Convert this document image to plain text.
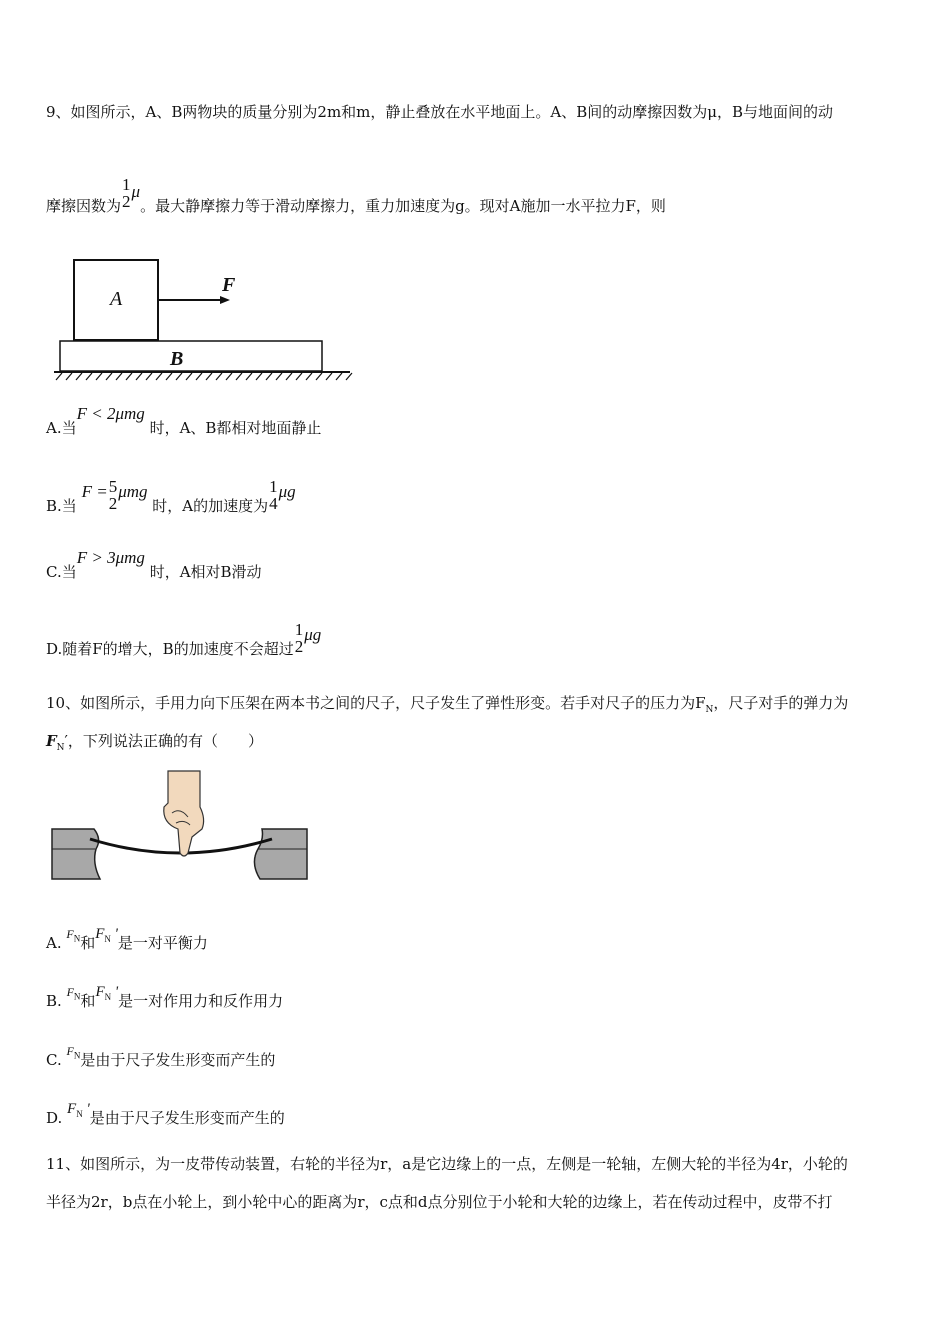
9、如图所示，A、B两物块的质量分别为2m和m，静止叠放在水平地面上。A、B间的动摩擦因数为μ，B与地面间的动
摩擦因数为
1
2
μ。最大静摩擦力等于滑动摩擦力，重力加速度为g。现对A施加一水平拉力F，则
A
F
B
A.当F < 2μmg 时，A、B都相对地面静止
B.当 F = 5
2
μmg 时，A的加速度为
1
4
μg
C.当F > 3μmg 时，A相对B滑动
D.随着F的增大，B的加速度不会超过
1
2
μg
10、如图所示，手用力向下压架在两本书之间的尺子，尺子发生了弹性形变。若手对尺子的压力为$F_N$，尺子对手的弹力为
$F_N'$，下列说法正确的有（　　）
A. $^{F_N}$和$F_N$ '是一对平衡力
B. $^{F_N}$和$F_N$ '是一对作用力和反作用力
C. $^{F_N}$是由于尺子发生形变而产生的
D. $F_N$ '是由于尺子发生形变而产生的
11、如图所示，为一皮带传动装置，右轮的半径为r，a是它边缘上的一点，左侧是一轮轴，左侧大轮的半径为4r，小轮的
半径为2r，b点在小轮上，到小轮中心的距离为r，c点和d点分别位于小轮和大轮的边缘上，若在传动过程中，皮带不打
